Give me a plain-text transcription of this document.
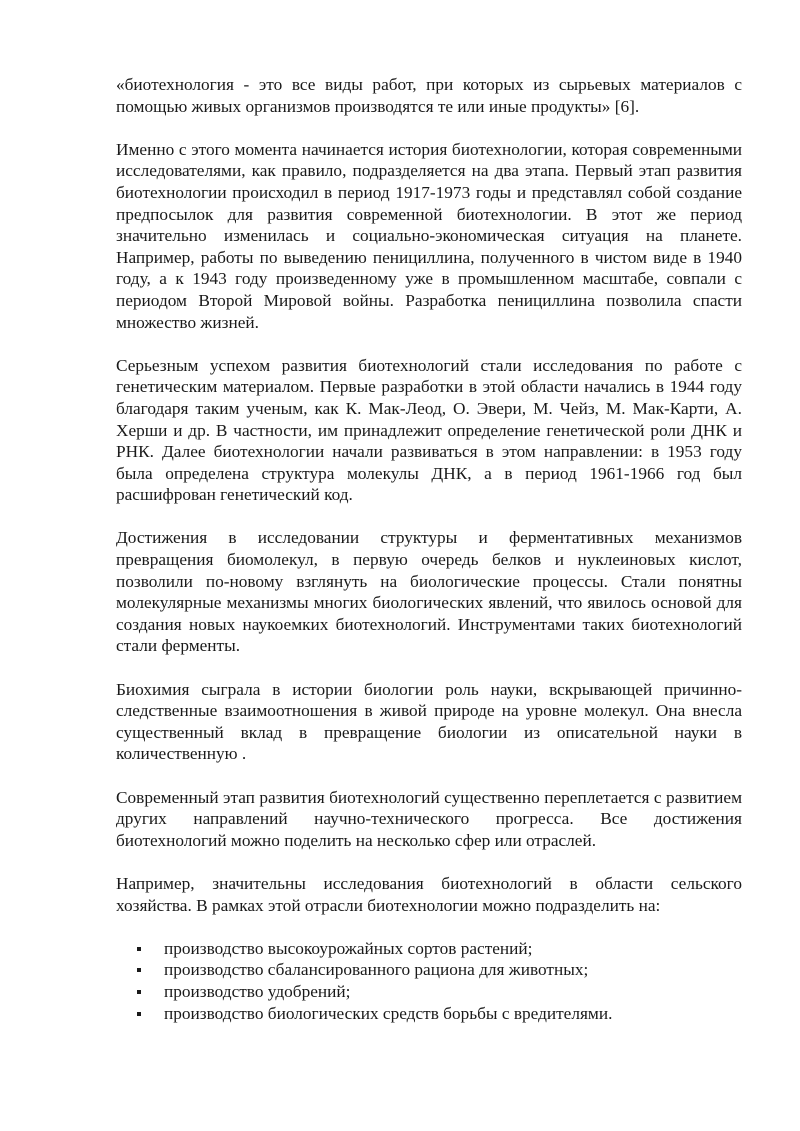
«биотехнология - это все виды работ, при которых из сырьевых материалов с помощью живых организмов производятся те или иные продукты» [6].

Именно с этого момента начинается история биотехнологии, которая современными исследователями, как правило, подразделяется на два этапа. Первый этап развития биотехнологии происходил в период 1917-1973 годы и представлял собой создание предпосылок для развития современной биотехнологии. В этот же период значительно изменилась и социально-экономическая ситуация на планете. Например, работы по выведению пенициллина, полученного в чистом виде в 1940 году, а к 1943 году произведенному уже в промышленном масштабе, совпали с периодом Второй Мировой войны. Разработка пенициллина позволила спасти множество жизней.

Серьезным успехом развития биотехнологий стали исследования по работе с генетическим материалом. Первые разработки в этой области начались в 1944 году благодаря таким ученым, как К. Мак-Леод, О. Эвери, М. Чейз, М. Мак-Карти, А. Херши и др. В частности, им принадлежит определение генетической роли ДНК и РНК. Далее биотехнологии начали развиваться в этом направлении: в 1953 году была определена структура молекулы ДНК, а в период 1961-1966 год был расшифрован генетический код.

Достижения в исследовании структуры и ферментативных механизмов превращения биомолекул, в первую очередь белков и нуклеиновых кислот, позволили по-новому взглянуть на биологические процессы. Стали понятны молекулярные механизмы многих биологических явлений, что явилось основой для создания новых наукоемких биотехнологий. Инструментами таких биотехнологий стали ферменты.

Биохимия сыграла в истории биологии роль науки, вскрывающей причинно-следственные взаимоотношения в живой природе на уровне молекул. Она внесла существенный вклад в превращение биологии из описательной науки в количественную .

Современный этап развития биотехнологий существенно переплетается с развитием других направлений научно-технического прогресса. Все достижения биотехнологий можно поделить на несколько сфер или отраслей.

Например, значительны исследования биотехнологий в области сельского хозяйства. В рамках этой отрасли биотехнологии можно подразделить на:

производство высокоурожайных сортов растений;
производство сбалансированного рациона для животных;
производство удобрений;
производство биологических средств борьбы с вредителями.
